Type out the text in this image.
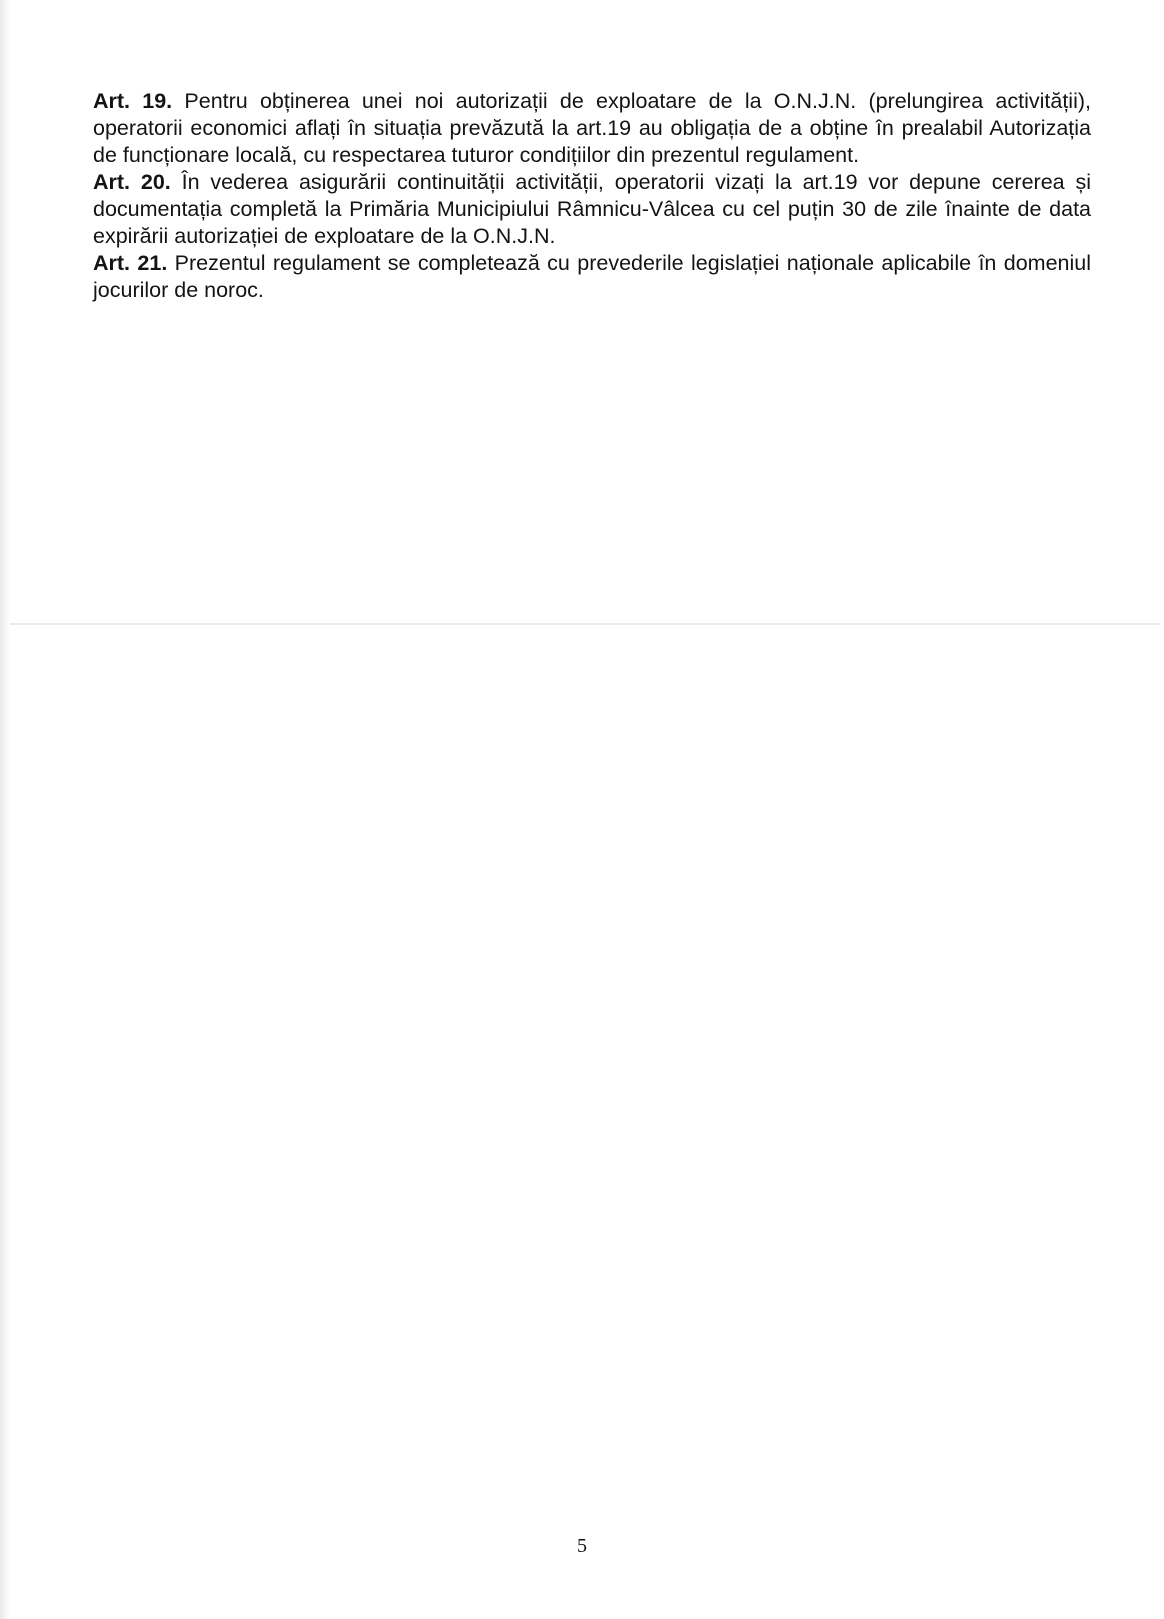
Art. 19. Pentru obținerea unei noi autorizații de exploatare de la O.N.J.N. (prelungirea activității), operatorii economici aflați în situația prevăzută la art.19 au obligația de a obține în prealabil Autorizația de funcționare locală, cu respectarea tuturor condițiilor din prezentul regulament.

Art. 20. În vederea asigurării continuității activității, operatorii vizați la art.19 vor depune cererea și documentația completă la Primăria Municipiului Râmnicu-Vâlcea cu cel puțin 30 de zile înainte de data expirării autorizației de exploatare de la O.N.J.N.

Art. 21. Prezentul regulament se completează cu prevederile legislației naționale aplicabile în domeniul jocurilor de noroc.

5
